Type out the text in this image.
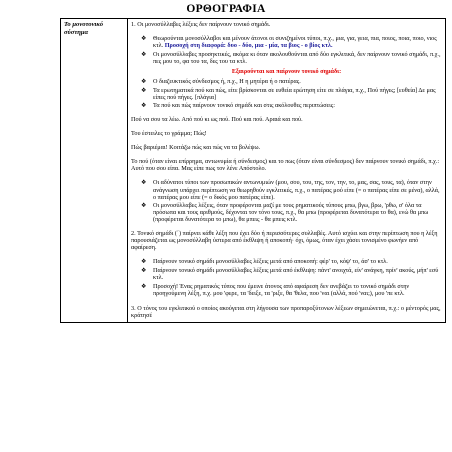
ΟΡΘΟΓΡΑΦΙΑ
Το μονοτονικό σύστημα	
1. Οι μονοσύλλαβες λέξεις δεν παίρνουν τονικό σημάδι.
❖ Θεωρούνται μονοσύλλαβοι και μένουν άτονοι οι συνιζημένοι τύποι, π.χ., μια, για, γεια, πια, ποιος, ποια, ποιο, νιος κτλ. Προσοχή στη διαφορά: δυο - δύο, μια - μία, τα βιος - ο βίος κτλ.
❖ Οι μονοσύλλαβες προσηκτικές, ακόμα κι όταν ακολουθούνται από δύο εγκλιτικά, δεν παίρνουν τονικό σημάδι, π.χ., πες μου το, φα του τα, δες του τα κτλ.
Εξαιρούνται και παίρνουν τονικό σημάδι:
❖ Ο διαζευκτικός σύνδεσμος ή, π.χ., Η η μητέρα ή ο πατέρας.
❖ Τα ερωτηματικά πού και πώς, είτε βρίσκονται σε ευθεία ερώτηση είτε σε πλάγια, π.χ., Πού πήγες; [ευθεία] Δε μας είπες πού πήγες. [πλάγια]
❖ Τα πού και πώς παίρνουν τονικό σημάδι και στις ακόλουθες περιπτώσεις:
Πού να σου τα λέω. Από πού κι ως πού. Πού και πού. Αραιά και πού.
Του έστειλες το γράμμα; Πώς!
Πώς βαριέμαι! Κοιτάζω πώς και πώς να τα βολέψω.
Το πού (όταν είναι επίρρημα, αντωνυμία ή σύνδεσμος) και το πως (όταν είναι σύνδεσμος) δεν παίρνουν τονικό σημάδι, π.χ.: Αυτό που σου είπα. Μας είπε πως τον λένε Απόστολο.
❖ Οι αδύνατοι τύποι των προσωπικών αντωνυμιών (μου, σου, του, της, τον, την, το, μας, σας, τους, τα), όταν στην ανάγνωση υπάρχει περίπτωση να θεωρηθούν εγκλιτικές, π.χ., ο πατέρας μού είπε (= ο πατέρας είπε σε μένα), αλλά, ο πατέρας μου είπε (= ο δικός μου πατέρας είπε).
❖ Οι μονοσύλλαβες λέξεις, όταν προφέρονται μαζί με τους ρηματικούς τύπους μπω, βγω, βρω, 'ρθω, σ' όλα τα πρόσωπα και τους αριθμούς, δέχονται τον τόνο τους, π.χ., θα μπω (προφέρεται δυνατότερα το θα), ενώ θα μπω (προφέρεται δυνατότερα το μπω), θα μπεις - θα μπεις κτλ.
2. Τονικό σημάδι (΄) παίρνει κάθε λέξη που έχει δύο ή περισσότερες συλλαβές. Αυτό ισχύει και στην περίπτωση που η λέξη παρουσιάζεται ως μονοσύλλαβη ύστερα από έκθλιψη ή αποκοπή· όχι, όμως, όταν έχει χάσει τονισμένο φωνήεν από αφαίρεση.
❖ Παίρνουν τονικό σημάδι μονοσύλλαβες λέξεις μετά από αποκοπή: φέρ' το, κόψ' το, άσ' το κτλ.
❖ Παίρνουν τονικό σημάδι μονοσύλλαβες λέξεις μετά από έκθλιψη: πάντ' ανοιχτά, είν' ανάγκη, πρίν' ακούς, μήπ' εσύ κτλ.
❖ Προσοχή! Ένας ρηματικός τύπος που έμεινε άτονος από αφαίρεση δεν ανεβάζει το τονικό σημάδι στην προηγούμενη λέξη, π.χ. μου 'φερε, τα 'δειξε, τα 'ριξε, θα 'θελα, που 'ναι (αλλά, πού 'ναι;), μου 'πε κτλ.
3. Ο τόνος του εγκλιτικού ο οποίος ακούγεται στη λήγουσα των προπαροξύτονων λέξεων σημειώνεται, π.χ.: ο μέντορός μας, κράτησέ
